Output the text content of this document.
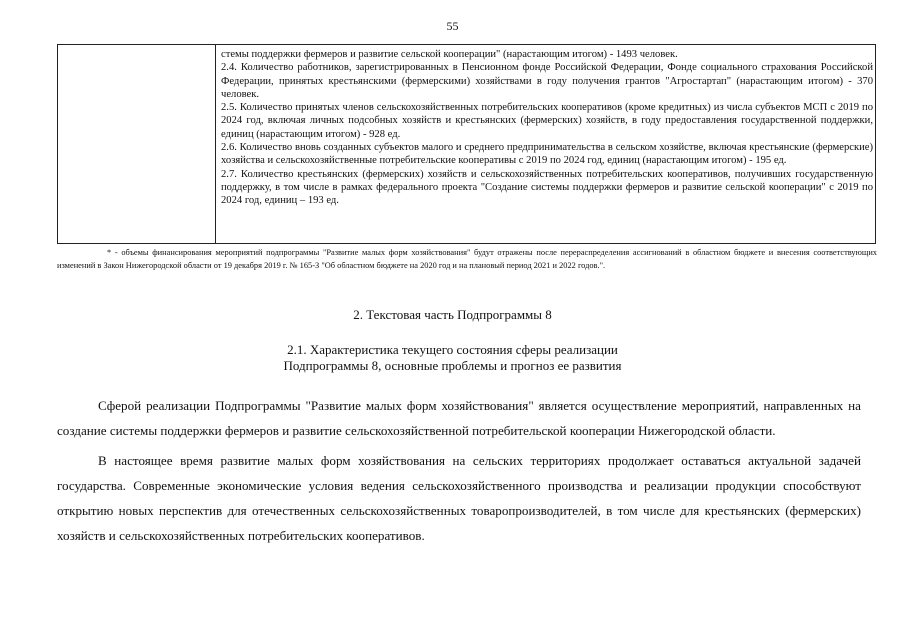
55

стемы поддержки фермеров и развитие сельской кооперации" (нарастающим итогом) - 1493 человек.

2.4. Количество работников, зарегистрированных в Пенсионном фонде Российской Федерации, Фонде социального страхования Российской Федерации, принятых крестьянскими (фермерскими) хозяйствами в году получения грантов "Агростартап" (нарастающим итогом) - 370 человек.

2.5. Количество принятых членов сельскохозяйственных потребительских кооперативов (кроме кредитных) из числа субъектов МСП с 2019 по 2024 год, включая личных подсобных хозяйств и крестьянских (фермерских) хозяйств, в году предоставления государственной поддержки, единиц (нарастающим итогом) - 928 ед.

2.6. Количество вновь созданных субъектов малого и среднего предпринимательства в сельском хозяйстве, включая крестьянские (фермерские) хозяйства и сельскохозяйственные потребительские кооперативы с 2019 по 2024 год, единиц (нарастающим итогом) - 195 ед.

2.7. Количество крестьянских (фермерских) хозяйств и сельскохозяйственных потребительских кооперативов, получивших государственную поддержку, в том числе в рамках федерального проекта "Создание системы поддержки фермеров и развитие сельской кооперации" с 2019 по 2024 год, единиц – 193 ед.

* - объемы финансирования мероприятий подпрограммы "Развитие малых форм хозяйствования" будут отражены после перераспределения ассигнований в областном бюджете и внесения соответствующих изменений в Закон Нижегородской области от 19 декабря 2019 г. № 165-З "Об областном бюджете на 2020 год и на плановый период 2021 и 2022 годов.".

2. Текстовая часть Подпрограммы 8
2.1. Характеристика текущего состояния сферы реализации
Подпрограммы 8, основные проблемы и прогноз ее развития

Сферой реализации Подпрограммы "Развитие малых форм хозяйствования" является осуществление мероприятий, направленных на создание системы поддержки фермеров и развитие сельскохозяйственной потребительской кооперации Нижегородской области.

В настоящее время развитие малых форм хозяйствования на сельских территориях продолжает оставаться актуальной задачей государства. Современные экономические условия ведения сельскохозяйственного производства и реализации продукции способствуют открытию новых перспектив для отечественных сельскохозяйственных товаропроизводителей, в том числе для крестьянских (фермерских) хозяйств и сельскохозяйственных потребительских кооперативов.
